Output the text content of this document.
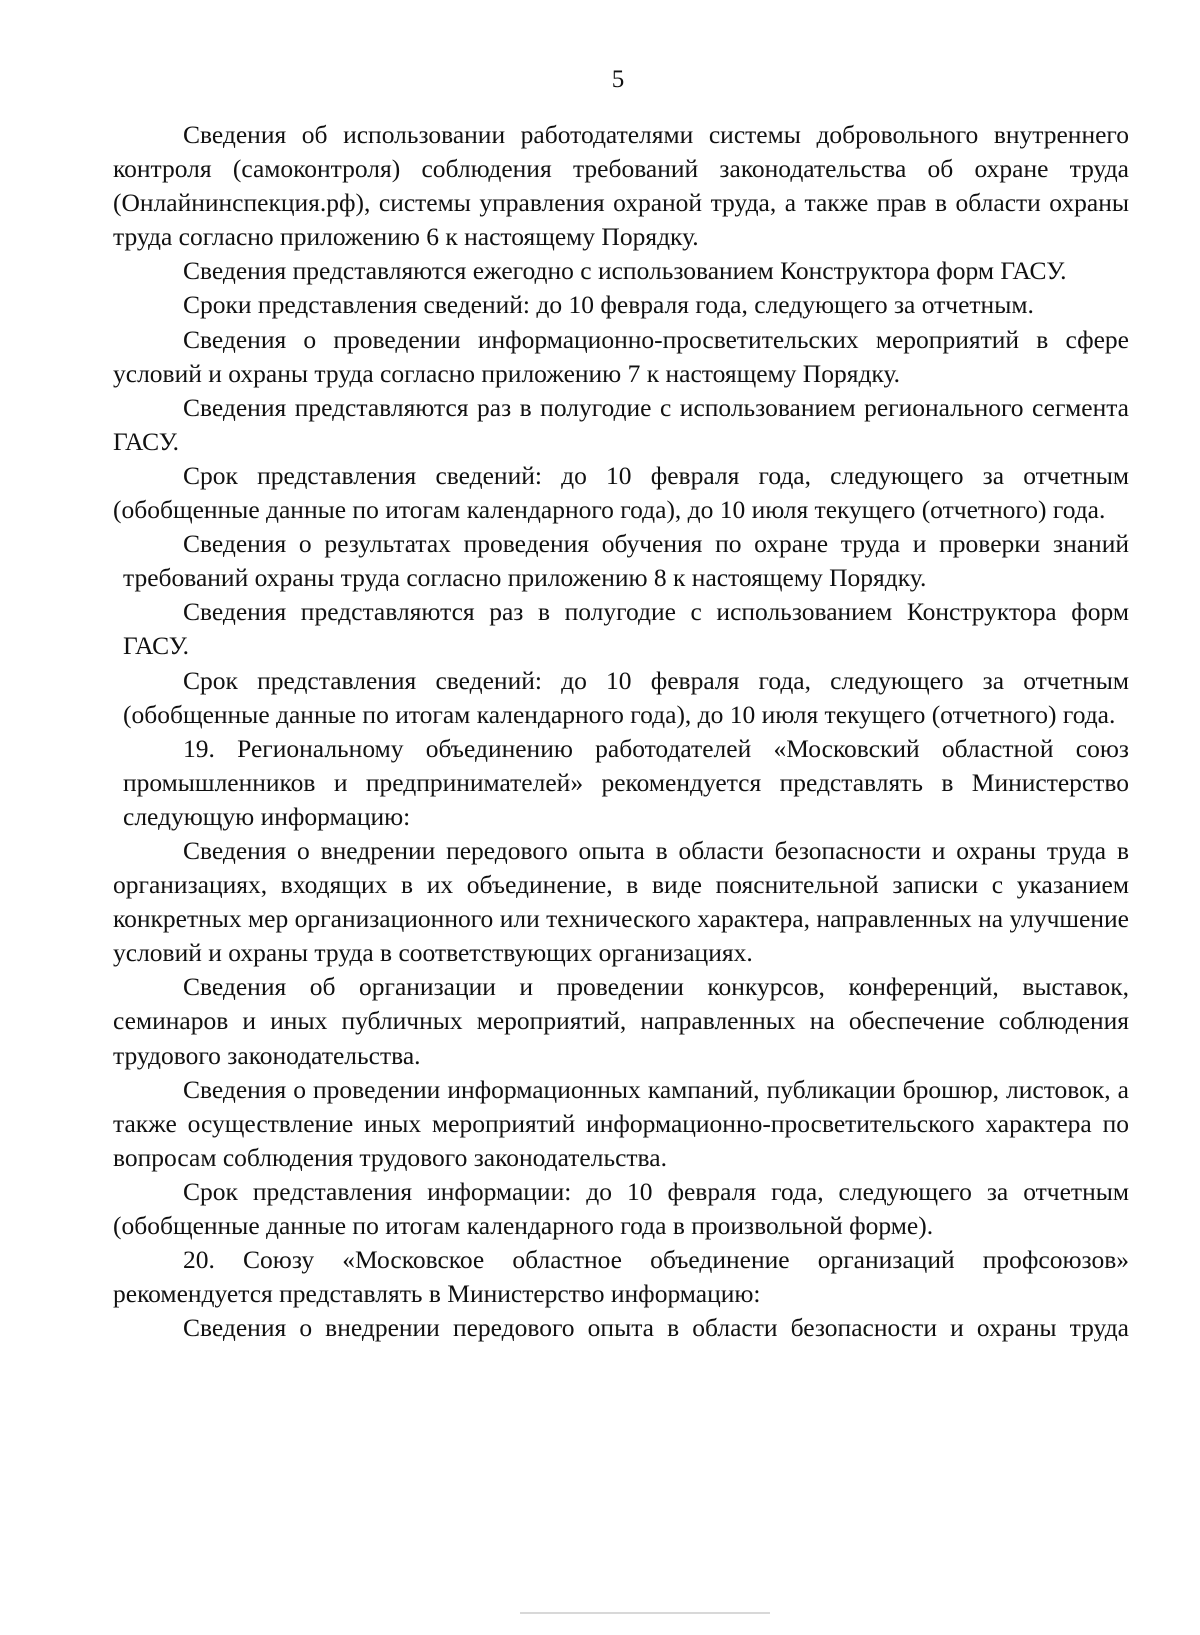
5

Сведения об использовании работодателями системы добровольного внутреннего контроля (самоконтроля) соблюдения требований законодательства об охране труда (Онлайнинспекция.рф), системы управления охраной труда, а также прав в области охраны труда согласно приложению 6 к настоящему Порядку.

Сведения представляются ежегодно с использованием Конструктора форм ГАСУ.

Сроки представления сведений: до 10 февраля года, следующего за отчетным.

Сведения о проведении информационно-просветительских мероприятий в сфере условий и охраны труда согласно приложению 7 к настоящему Порядку.

Сведения представляются раз в полугодие с использованием регионального сегмента ГАСУ.

Срок представления сведений: до 10 февраля года, следующего за отчетным (обобщенные данные по итогам календарного года), до 10 июля текущего (отчетного) года.

Сведения о результатах проведения обучения по охране труда и проверки знаний требований охраны труда согласно приложению 8 к настоящему Порядку.

Сведения представляются раз в полугодие с использованием Конструктора форм ГАСУ.

Срок представления сведений: до 10 февраля года, следующего за отчетным (обобщенные данные по итогам календарного года), до 10 июля текущего (отчетного) года.

19. Региональному объединению работодателей «Московский областной союз промышленников и предпринимателей» рекомендуется представлять в Министерство следующую информацию:

Сведения о внедрении передового опыта в области безопасности и охраны труда в организациях, входящих в их объединение, в виде пояснительной записки с указанием конкретных мер организационного или технического характера, направленных на улучшение условий и охраны труда в соответствующих организациях.

Сведения об организации и проведении конкурсов, конференций, выставок, семинаров и иных публичных мероприятий, направленных на обеспечение соблюдения трудового законодательства.

Сведения о проведении информационных кампаний, публикации брошюр, листовок, а также осуществление иных мероприятий информационно-просветительского характера по вопросам соблюдения трудового законодательства.

Срок представления информации: до 10 февраля года, следующего за отчетным (обобщенные данные по итогам календарного года в произвольной форме).

20. Союзу «Московское областное объединение организаций профсоюзов» рекомендуется представлять в Министерство информацию:

Сведения о внедрении передового опыта в области безопасности и охраны труда
